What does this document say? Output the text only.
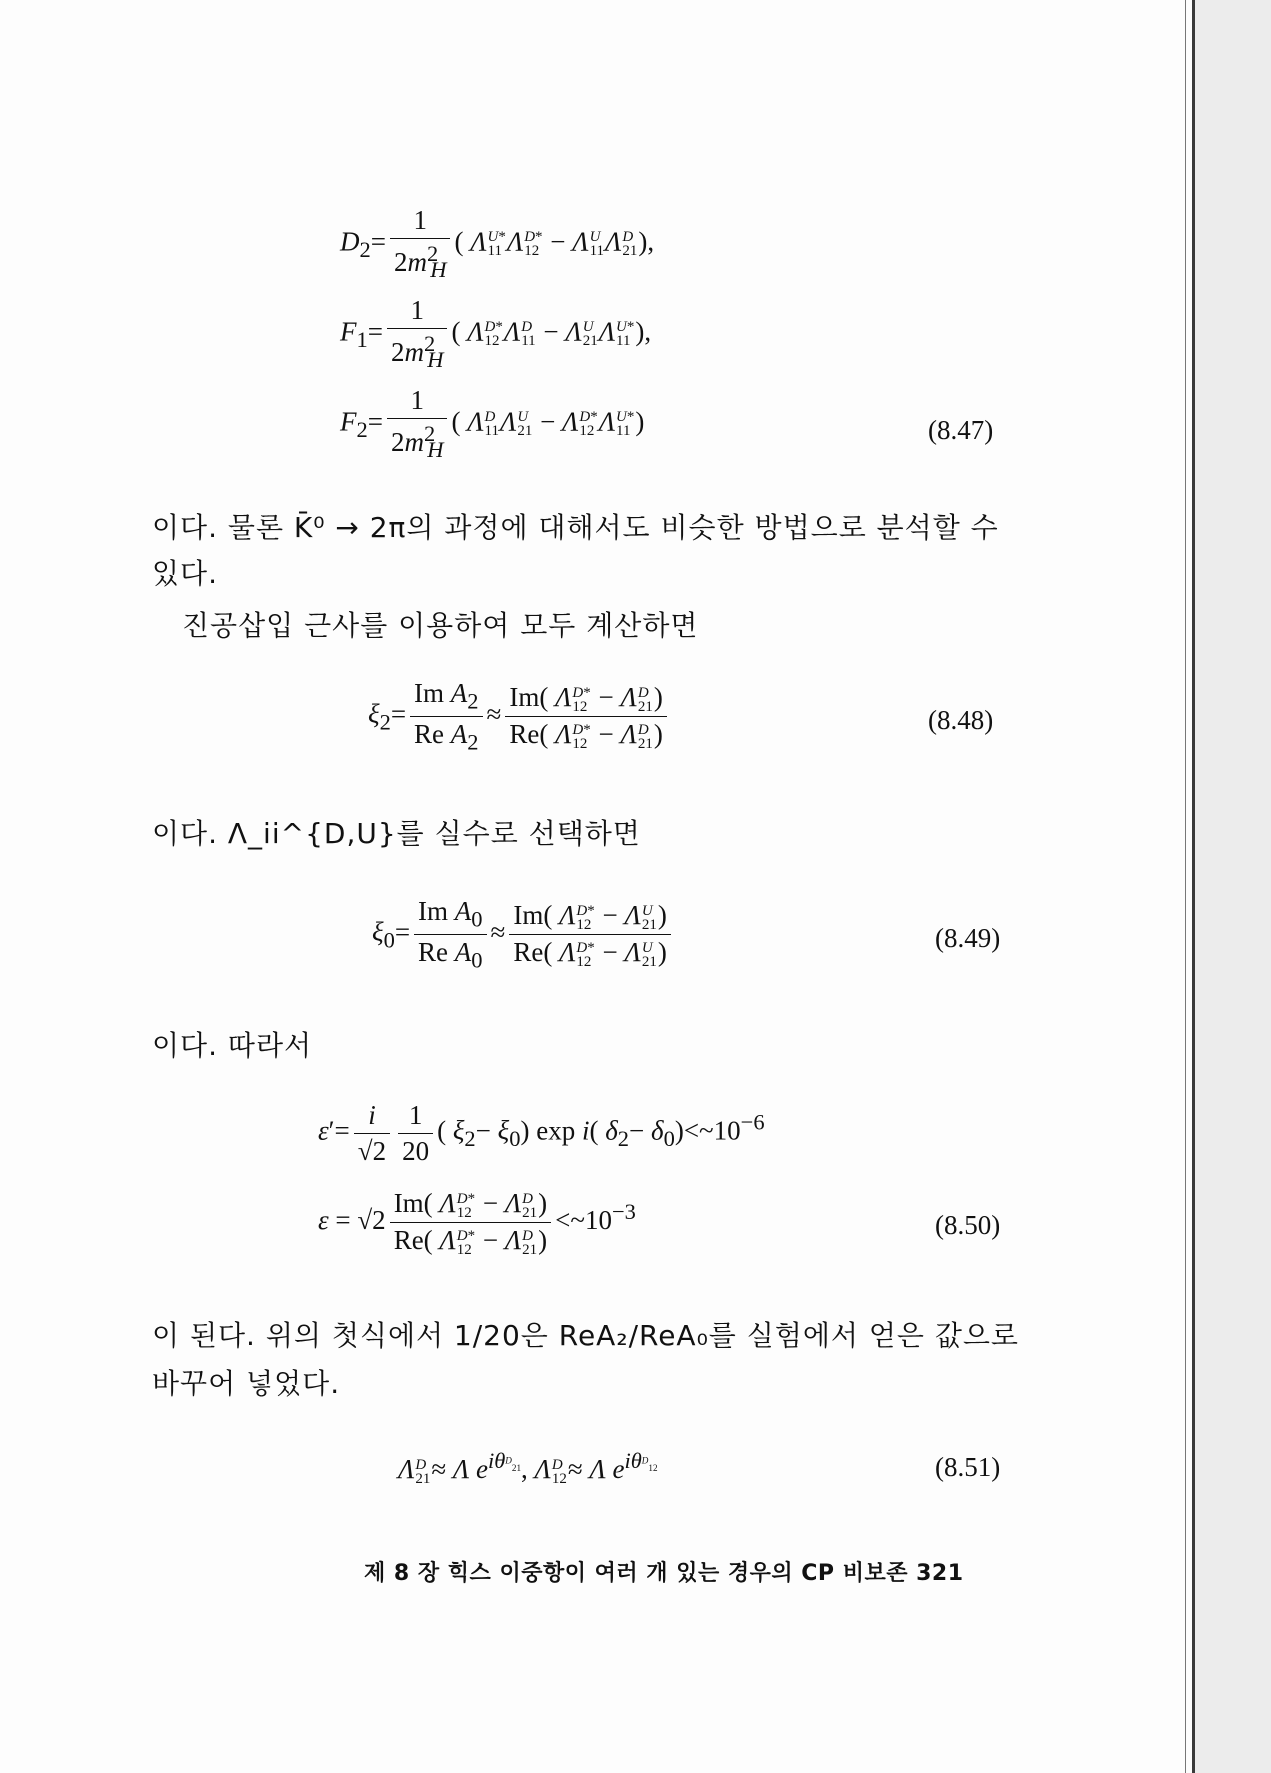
$D_2= \frac{1}{2m^2_H}$ ( Λ U*
11 Λ D*
12 − Λ U
11 Λ D
21 ),
$F_1= \frac{1}{2m^2_H}$ ( Λ D*
12 Λ D
11 − Λ U
21 Λ U*
11 ),
$F_2= \frac{1}{2m^2_H}$ ( Λ D
11 Λ U
21 − Λ D*
12 Λ U*
11 )	(8.47)
이다. 물론 K̄⁰ → 2π의 과정에 대해서도 비슷한 방법으로 분석할 수
있다.
진공삽입 근사를 이용하여 모두 계산하면
$\xi_2= \frac{Im A_2}{Re A_2} \approx Im$( Λ D*
12 − Λ D
21 )
Re( Λ D*
12 − Λ D
21 )	(8.48)
이다. Λ_ii^{D,U}를 실수로 선택하면
$\xi_0= \frac{Im A_0}{Re A_0} \approx Im$( Λ D*
12 − Λ U
21 )
Re( Λ D*
12 − Λ U
21 )	(8.49)
이다. 따라서
$\varepsilon'= \frac{i}{√2} \frac{1}{20}$ ( $\xi_2- \xi_0$) exp i( $\delta_2-$ $\delta_0)<\sim 10^{-6}$
ε = √2 Im( Λ D*
12 − Λ D
21 )
Re( Λ D*
12 − Λ D
21 ) $<\sim 10^{-3}$	(8.50)
이 된다. 위의 첫식에서 1/20은 ReA₂/ReA₀를 실험에서 얻은 값으로
바꾸어 넣었다.
Λ D
21 ≈ Λ $e^{i\theta^D_{21}}$, Λ D
12 ≈ Λ $e^{i\theta^D_{12}}$	(8.51)
제 8 장 힉스 이중항이 여러 개 있는 경우의 CP 비보존 321
